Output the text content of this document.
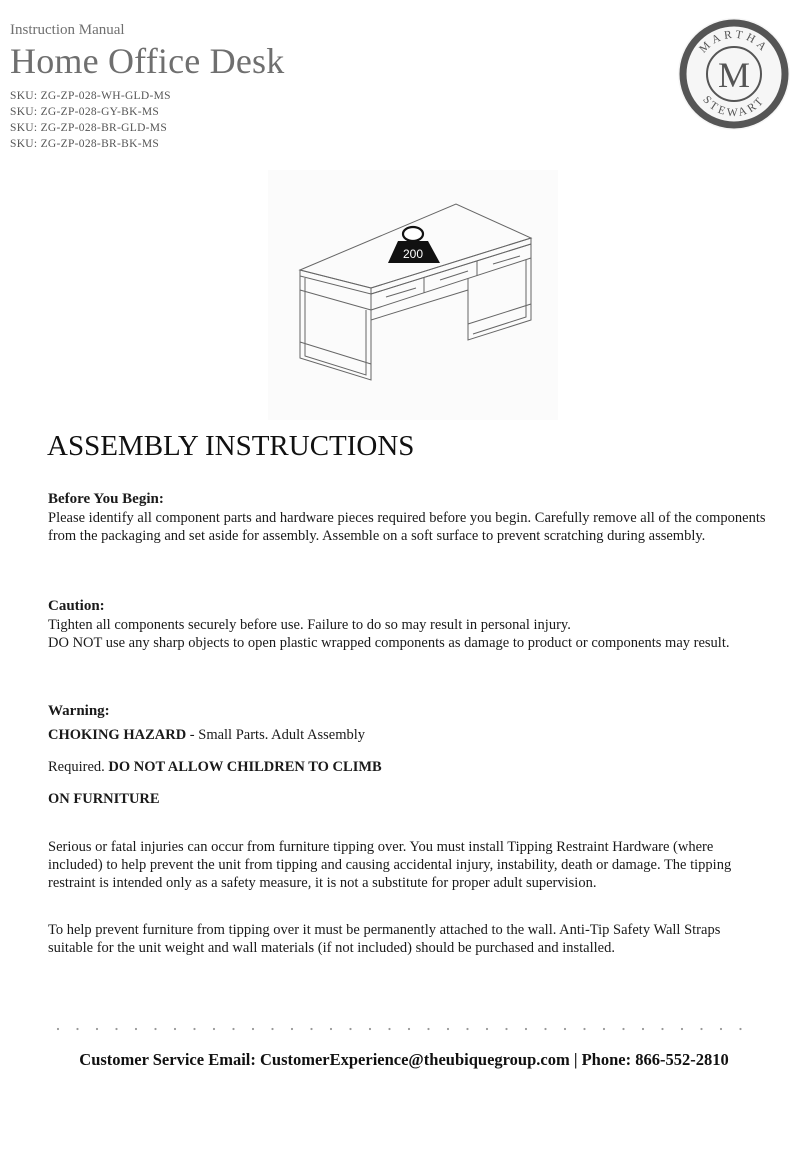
Instruction Manual
Home Office Desk
SKU: ZG-ZP-028-WH-GLD-MS
SKU: ZG-ZP-028-GY-BK-MS
SKU: ZG-ZP-028-BR-GLD-MS
SKU: ZG-ZP-028-BR-BK-MS
MARTHA
STEWART
M
200
ASSEMBLY INSTRUCTIONS
Before You Begin:
Please identify all component parts and hardware pieces required before you begin. Carefully remove all of the components from the packaging and set aside for assembly. Assemble on a soft surface to prevent scratching during assembly.
Caution:
Tighten all components securely before use. Failure to do so may result in personal injury.
DO NOT use any sharp objects to open plastic wrapped components as damage to product or components may result.
Warning:
CHOKING HAZARD - Small Parts. Adult Assembly
Required. DO NOT ALLOW CHILDREN TO CLIMB
ON FURNITURE
Serious or fatal injuries can occur from furniture tipping over. You must install Tipping Restraint Hardware (where included) to help prevent the unit from tipping and causing accidental injury, instability, death or damage. The tipping restraint is intended only as a safety measure, it is not a substitute for proper adult supervision.
To help prevent furniture from tipping over it must be permanently attached to the wall. Anti-Tip Safety Wall Straps suitable for the unit weight and wall materials (if not included) should be purchased and installed.
Customer Service Email: CustomerExperience@theubiquegroup.com | Phone: 866-552-2810
